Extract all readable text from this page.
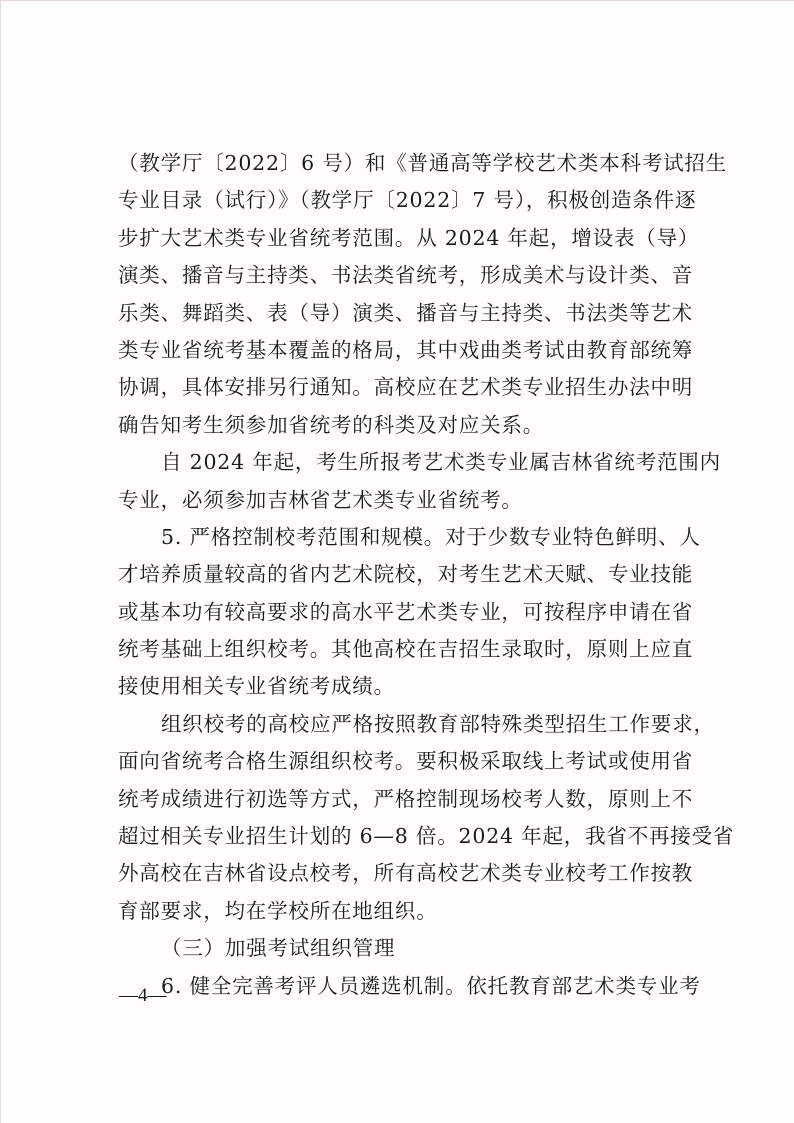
（教学厅〔2022〕6 号）和《普通高等学校艺术类本科考试招生
专业目录（试行）》（教学厅〔2022〕7 号），积极创造条件逐
步扩大艺术类专业省统考范围。从 2024 年起，增设表（导）
演类、播音与主持类、书法类省统考，形成美术与设计类、音
乐类、舞蹈类、表（导）演类、播音与主持类、书法类等艺术
类专业省统考基本覆盖的格局，其中戏曲类考试由教育部统筹
协调，具体安排另行通知。高校应在艺术类专业招生办法中明
确告知考生须参加省统考的科类及对应关系。
自 2024 年起，考生所报考艺术类专业属吉林省统考范围内
专业，必须参加吉林省艺术类专业省统考。
5. 严格控制校考范围和规模。对于少数专业特色鲜明、人
才培养质量较高的省内艺术院校，对考生艺术天赋、专业技能
或基本功有较高要求的高水平艺术类专业，可按程序申请在省
统考基础上组织校考。其他高校在吉招生录取时，原则上应直
接使用相关专业省统考成绩。
组织校考的高校应严格按照教育部特殊类型招生工作要求，
面向省统考合格生源组织校考。要积极采取线上考试或使用省
统考成绩进行初选等方式，严格控制现场校考人数，原则上不
超过相关专业招生计划的 6—8 倍。2024 年起，我省不再接受省
外高校在吉林省设点校考，所有高校艺术类专业校考工作按教
育部要求，均在学校所在地组织。
（三）加强考试组织管理
6. 健全完善考评人员遴选机制。依托教育部艺术类专业考
—4—
